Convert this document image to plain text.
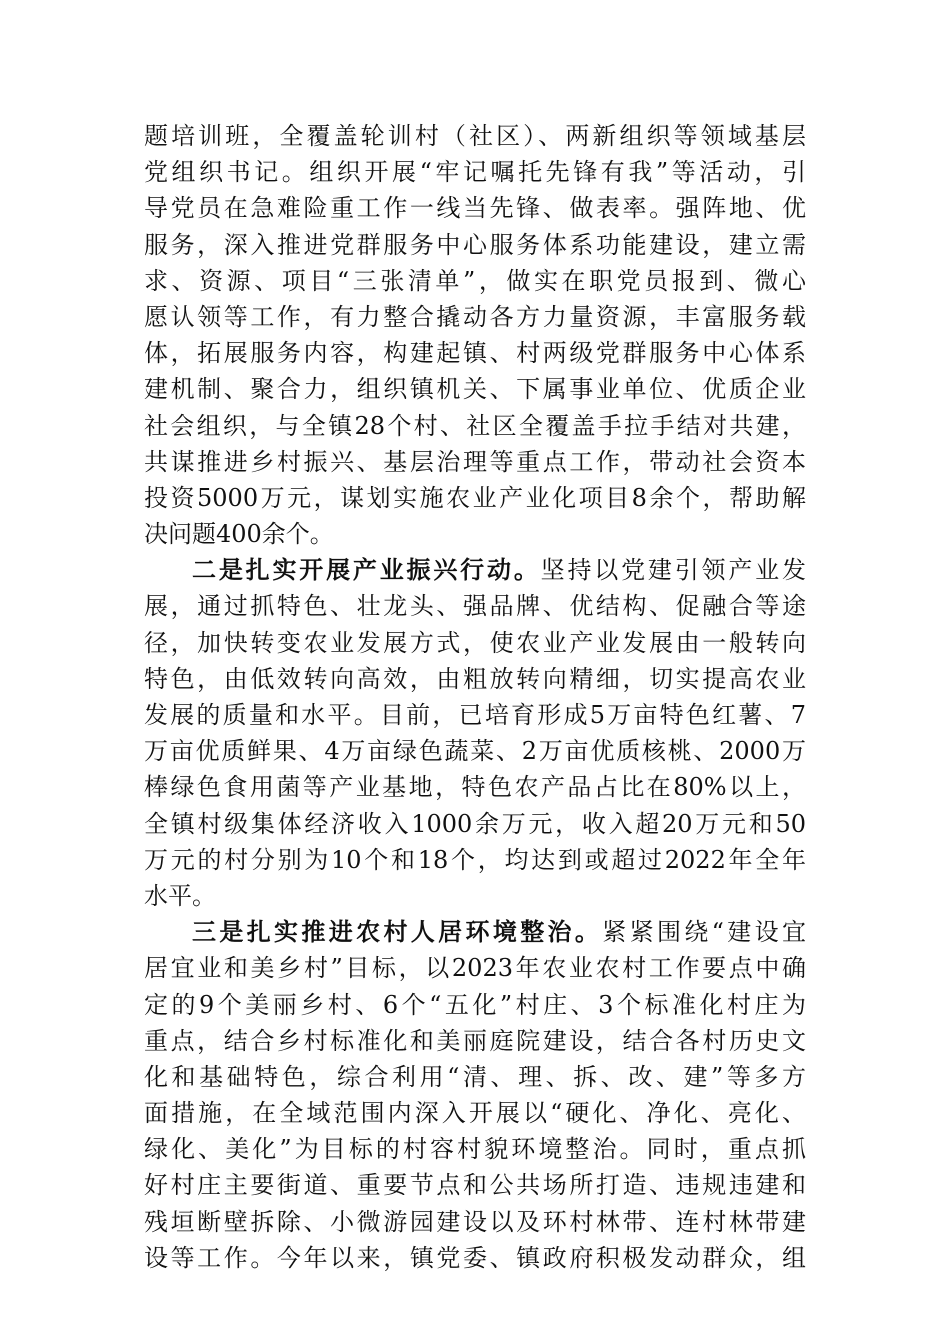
题培训班，全覆盖轮训村（社区）、两新组织等领域基层
党组织书记。组织开展“牢记嘱托先锋有我”等活动，引
导党员在急难险重工作一线当先锋、做表率。强阵地、优
服务，深入推进党群服务中心服务体系功能建设，建立需
求、资源、项目“三张清单”，做实在职党员报到、微心
愿认领等工作，有力整合撬动各方力量资源，丰富服务载
体，拓展服务内容，构建起镇、村两级党群服务中心体系
建机制、聚合力，组织镇机关、下属事业单位、优质企业
社会组织，与全镇28个村、社区全覆盖手拉手结对共建，
共谋推进乡村振兴、基层治理等重点工作，带动社会资本
投资5000万元，谋划实施农业产业化项目8余个，帮助解
决问题400余个。
二是扎实开展产业振兴行动。坚持以党建引领产业发
展，通过抓特色、壮龙头、强品牌、优结构、促融合等途
径，加快转变农业发展方式，使农业产业发展由一般转向
特色，由低效转向高效，由粗放转向精细，切实提高农业
发展的质量和水平。目前，已培育形成5万亩特色红薯、7
万亩优质鲜果、4万亩绿色蔬菜、2万亩优质核桃、2000万
棒绿色食用菌等产业基地，特色农产品占比在80%以上，
全镇村级集体经济收入1000余万元，收入超20万元和50
万元的村分别为10个和18个，均达到或超过2022年全年
水平。
三是扎实推进农村人居环境整治。紧紧围绕“建设宜
居宜业和美乡村”目标，以2023年农业农村工作要点中确
定的9个美丽乡村、6个“五化”村庄、3个标准化村庄为
重点，结合乡村标准化和美丽庭院建设，结合各村历史文
化和基础特色，综合利用“清、理、拆、改、建”等多方
面措施，在全域范围内深入开展以“硬化、净化、亮化、
绿化、美化”为目标的村容村貌环境整治。同时，重点抓
好村庄主要街道、重要节点和公共场所打造、违规违建和
残垣断壁拆除、小微游园建设以及环村林带、连村林带建
设等工作。今年以来，镇党委、镇政府积极发动群众，组
